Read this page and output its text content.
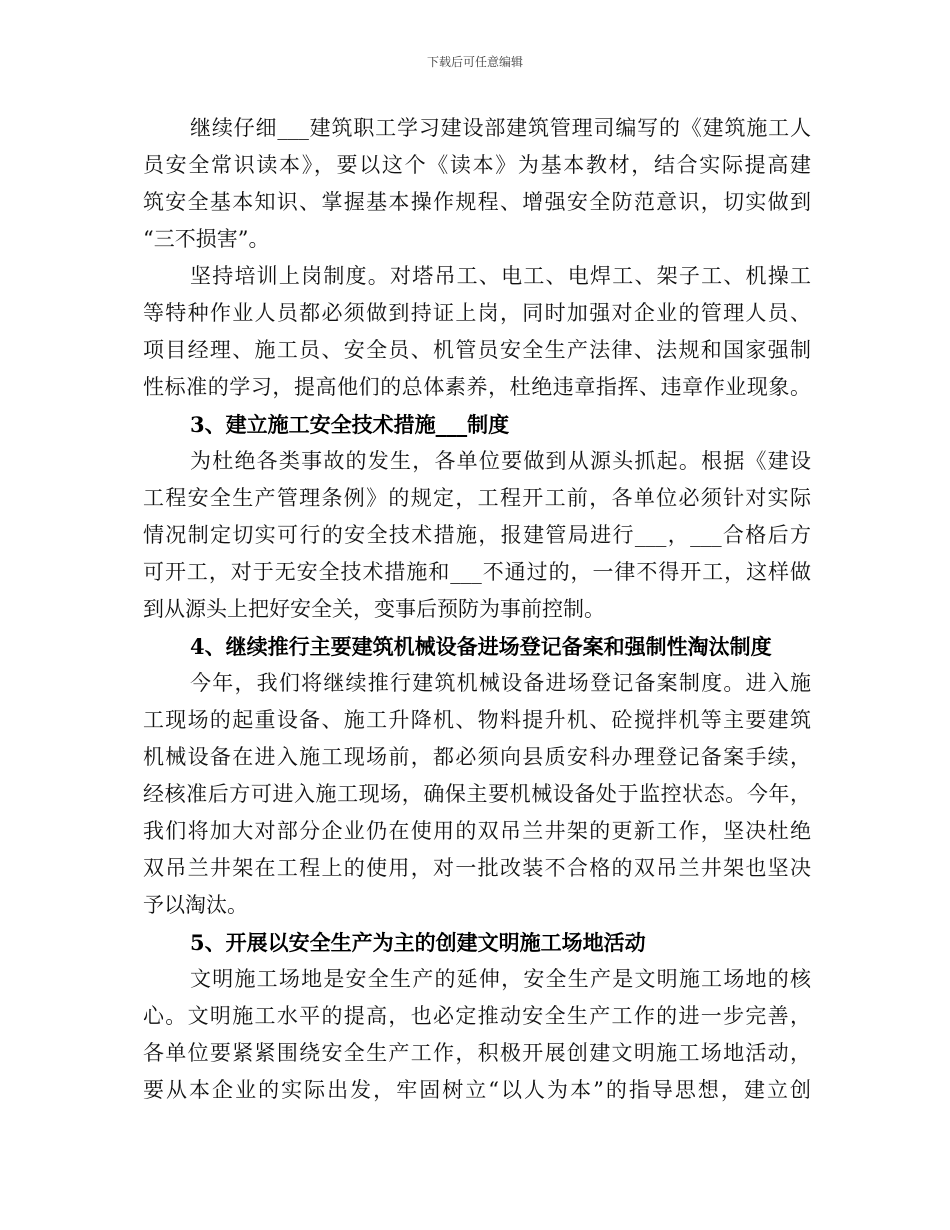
下载后可任意编辑
继续仔细___建筑职工学习建设部建筑管理司编写的《建筑施工人
员安全常识读本》，要以这个《读本》为基本教材，结合实际提高建
筑安全基本知识、掌握基本操作规程、增强安全防范意识，切实做到
“三不损害”。
坚持培训上岗制度。对塔吊工、电工、电焊工、架子工、机操工
等特种作业人员都必须做到持证上岗，同时加强对企业的管理人员、
项目经理、施工员、安全员、机管员安全生产法律、法规和国家强制
性标准的学习，提高他们的总体素养，杜绝违章指挥、违章作业现象。
3、建立施工安全技术措施___制度
为杜绝各类事故的发生，各单位要做到从源头抓起。根据《建设
工程安全生产管理条例》的规定，工程开工前，各单位必须针对实际
情况制定切实可行的安全技术措施，报建管局进行___，___合格后方
可开工，对于无安全技术措施和___不通过的，一律不得开工，这样做
到从源头上把好安全关，变事后预防为事前控制。
4、继续推行主要建筑机械设备进场登记备案和强制性淘汰制度
今年，我们将继续推行建筑机械设备进场登记备案制度。进入施
工现场的起重设备、施工升降机、物料提升机、砼搅拌机等主要建筑
机械设备在进入施工现场前，都必须向县质安科办理登记备案手续，
经核准后方可进入施工现场，确保主要机械设备处于监控状态。今年，
我们将加大对部分企业仍在使用的双吊兰井架的更新工作，坚决杜绝
双吊兰井架在工程上的使用，对一批改装不合格的双吊兰井架也坚决
予以淘汰。
5、开展以安全生产为主的创建文明施工场地活动
文明施工场地是安全生产的延伸，安全生产是文明施工场地的核
心。文明施工水平的提高，也必定推动安全生产工作的进一步完善，
各单位要紧紧围绕安全生产工作，积极开展创建文明施工场地活动，
要从本企业的实际出发，牢固树立“以人为本”的指导思想，建立创
